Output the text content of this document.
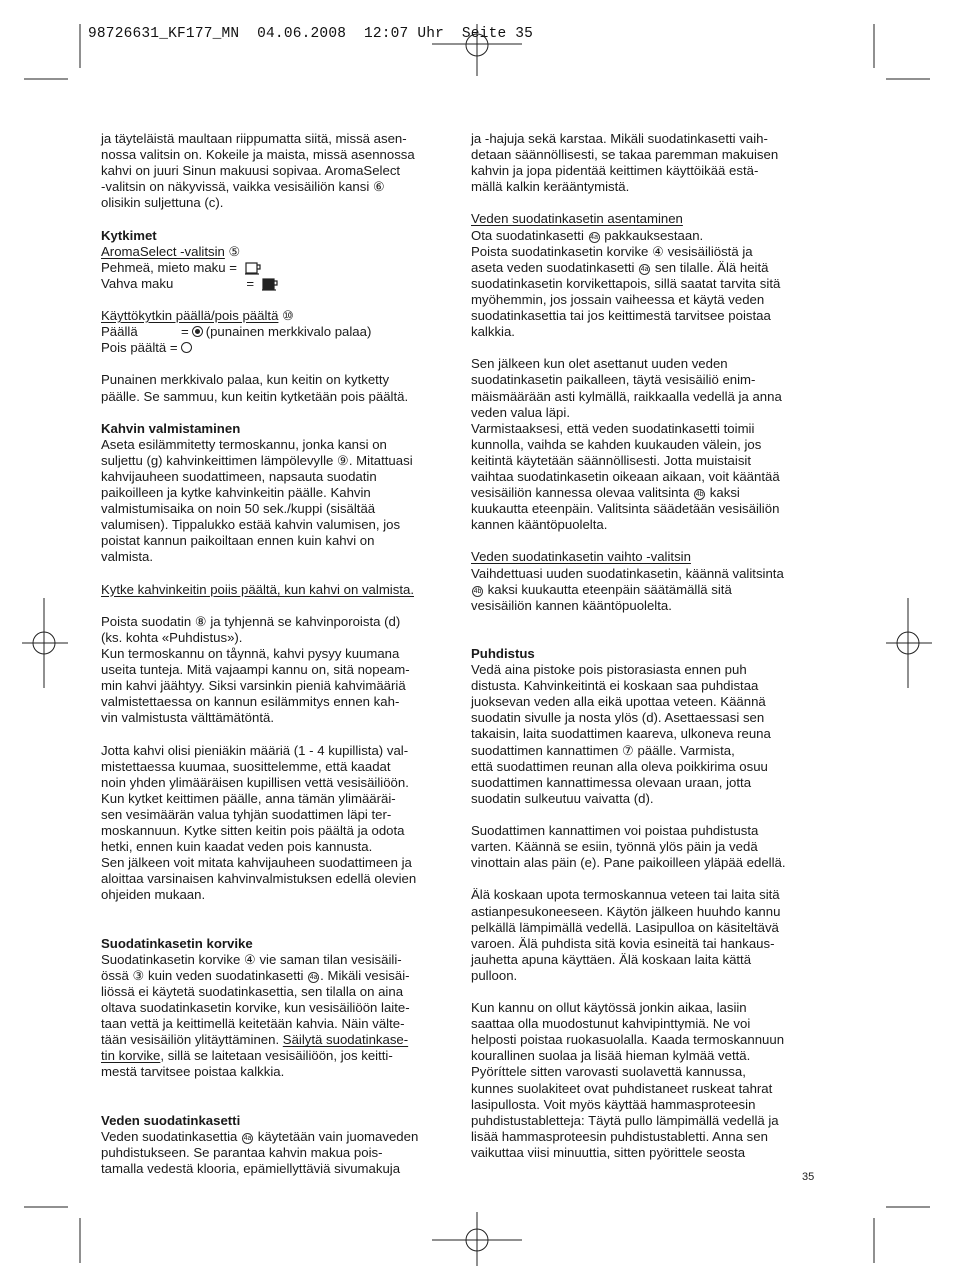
98726631_KF177_MN  04.06.2008  12:07 Uhr  Seite 35
ja täyteläistä maultaan riippumatta siitä, missä asen-
nossa valitsin on. Kokeile ja maista, missä asennossa
kahvi on juuri Sinun makuusi sopivaa. AromaSelect
-valitsin on näkyvissä, vaikka vesisäiliön kansi ⑥
olisikin suljettuna (c).
Kytkimet
AromaSelect -valitsin ⑤
Pehmeä, mieto maku =
Vahva maku	=
Käyttökytkin päällä/pois päältä ⑩
Päällä	= (punainen merkkivalo palaa)
Pois päältä =
Punainen merkkivalo palaa, kun keitin on kytketty
päälle. Se sammuu, kun keitin kytketään pois päältä.
Kahvin valmistaminen
Aseta esilämmitetty termoskannu, jonka kansi on
suljettu (g) kahvinkeittimen lämpölevylle ⑨. Mitattuasi
kahvijauheen suodattimeen, napsauta suodatin
paikoilleen ja kytke kahvinkeitin päälle. Kahvin
valmistumisaika on noin 50 sek./kuppi (sisältää
valumisen). Tippalukko estää kahvin valumisen, jos
poistat kannun paikoiltaan ennen kuin kahvi on
valmista.
Kytke kahvinkeitin poiis päältä, kun kahvi on valmista.
Poista suodatin ⑧ ja tyhjennä se kahvinporoista (d)
(ks. kohta «Puhdistus»).
Kun termoskannu on tåynnä, kahvi pysyy kuumana
useita tunteja. Mitä vajaampi kannu on, sitä nopeam-
min kahvi jäähtyy. Siksi varsinkin pieniä kahvimääriä
valmistettaessa on kannun esilämmitys ennen kah-
vin valmistusta välttämätöntä.
Jotta kahvi olisi pieniäkin määriä (1 - 4 kupillista) val-
mistettaessa kuumaa, suosittelemme, että kaadat
noin yhden ylimääräisen kupillisen vettä vesisäiliöön.
Kun kytket keittimen päälle, anna tämän ylimääräi-
sen vesimäärän valua tyhjän suodattimen läpi ter-
moskannuun. Kytke sitten keitin pois päältä ja odota
hetki, ennen kuin kaadat veden pois kannusta.
Sen jälkeen voit mitata kahvijauheen suodattimeen ja
aloittaa varsinaisen kahvinvalmistuksen edellä olevien
ohjeiden mukaan.
Suodatinkasetin korvike
Suodatinkasetin korvike ④ vie saman tilan vesisäili-
össä ③ kuin veden suodatinkasetti 4a . Mikäli vesisäi-
liössä ei käytetä suodatinkasettia, sen tilalla on aina
oltava suodatinkasetin korvike, kun vesisäiliöön laite-
taan vettä ja keittimellä keitetään kahvia. Näin välte-
tään vesisäiliön ylitäyttäminen. Säilytä suodatinkase-
tin korvike, sillä se laitetaan vesisäiliöön, jos keitti-
mestä tarvitsee poistaa kalkkia.
Veden suodatinkasetti
Veden suodatinkasettia 4a käytetään vain juomaveden
puhdistukseen. Se parantaa kahvin makua pois-
tamalla vedestä klooria, epämiellyttäviä sivumakuja
ja -hajuja sekä karstaa. Mikäli suodatinkasetti vaih-
detaan säännöllisesti, se takaa paremman makuisen
kahvin ja jopa pidentää keittimen käyttöikää estä-
mällä kalkin kerääntymistä.
Veden suodatinkasetin asentaminen
Ota suodatinkasetti 4a pakkauksestaan.
Poista suodatinkasetin korvike ④ vesisäiliöstä ja
aseta veden suodatinkasetti 4a sen tilalle. Älä heitä
suodatinkasetin korvikettapois, sillä saatat tarvita sitä
myöhemmin, jos jossain vaiheessa et käytä veden
suodatinkasettia tai jos keittimestä tarvitsee poistaa
kalkkia.
Sen jälkeen kun olet asettanut uuden veden
suodatinkasetin paikalleen, täytä vesisäiliö enim-
mäismäärään asti kylmällä, raikkaalla vedellä ja anna
veden valua läpi.
Varmistaaksesi, että veden suodatinkasetti toimii
kunnolla, vaihda se kahden kuukauden välein, jos
keitintä käytetään säännöllisesti. Jotta muistaisit
vaihtaa suodatinkasetin oikeaan aikaan, voit kääntää
vesisäiliön kannessa olevaa valitsinta 4b kaksi
kuukautta eteenpäin. Valitsinta säädetään vesisäiliön
kannen kääntöpuolelta.
Veden suodatinkasetin vaihto -valitsin
Vaihdettuasi uuden suodatinkasetin, käännä valitsinta
4b kaksi kuukautta eteenpäin säätämällä sitä
vesisäiliön kannen kääntöpuolelta.
Puhdistus
Vedä aina pistoke pois pistorasiasta ennen puh
distusta. Kahvinkeitintä ei koskaan saa puhdistaa
juoksevan veden alla eikä upottaa veteen. Käännä
suodatin sivulle ja nosta ylös (d). Asettaessasi sen
takaisin, laita suodattimen kaareva, ulkoneva reuna
suodattimen kannattimen ⑦ päälle. Varmista,
että suodattimen reunan alla oleva poikkirima osuu
suodattimen kannattimessa olevaan uraan, jotta
suodatin sulkeutuu vaivatta (d).
Suodattimen kannattimen voi poistaa puhdistusta
varten. Käännä se esiin, työnnä ylös päin ja vedä
vinottain alas päin (e). Pane paikoilleen yläpää edellä.
Älä koskaan upota termoskannua veteen tai laita sitä
astianpesukoneeseen. Käytön jälkeen huuhdo kannu
pelkällä lämpimällä vedellä. Lasipulloa on käsiteltävä
varoen. Älä puhdista sitä kovia esineitä tai hankaus-
jauhetta apuna käyttäen. Älä koskaan laita kättä
pulloon.
Kun kannu on ollut käytössä jonkin aikaa, lasiin
saattaa olla muodostunut kahvipinttymiä. Ne voi
helposti poistaa ruokasuolalla. Kaada termoskannuun
kourallinen suolaa ja lisää hieman kylmää vettä.
Pyöríttele sitten varovasti suolavettä kannussa,
kunnes suolakiteet ovat puhdistaneet ruskeat tahrat
lasipullosta. Voit myös käyttää hammasproteesin
puhdistustabletteja: Täytä pullo lämpimällä vedellä ja
lisää hammasproteesin puhdistustabletti. Anna sen
vaikuttaa viisi minuuttia, sitten pyörittele seosta
35
